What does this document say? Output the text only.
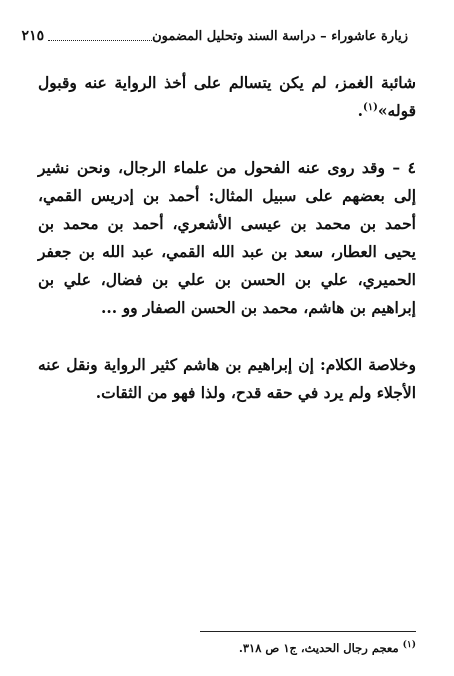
زيارة عاشوراء – دراسة السند وتحليل المضمون
٢١٥

شائبة الغمز، لم يكن يتسالم على أخذ الرواية عنه وقبول قوله»$^{(١)}$.

٤ – وقد روى عنه الفحول من علماء الرجال، ونحن نشير إلى بعضهم على سبيل المثال: أحمد بن إدريس القمي، أحمد بن محمد بن عيسى الأشعري، أحمد بن محمد بن يحيى العطار، سعد بن عبد الله القمي، عبد الله بن جعفر الحميري، علي بن الحسن بن علي بن فضال، علي بن إبراهيم بن هاشم، محمد بن الحسن الصفار وو ...

وخلاصة الكلام: إن إبراهيم بن هاشم كثير الرواية ونقل عنه الأجلاء ولم يرد في حقه قدح، ولذا فهو من الثقات.

$^{(١)}$ معجم رجال الحديث، ج١ ص ٣١٨.
